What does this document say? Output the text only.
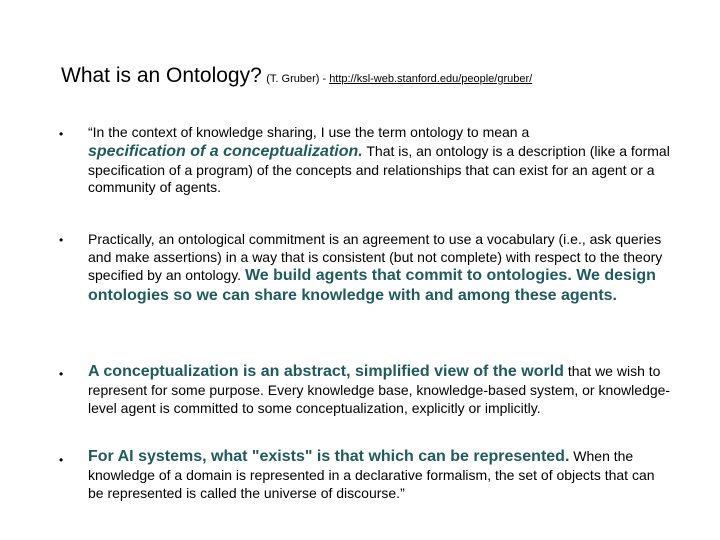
What is an Ontology? (T. Gruber) - http://ksl-web.stanford.edu/people/gruber/
• “In the context of knowledge sharing, I use the term ontology to mean a
specification of a conceptualization. That is, an ontology is a description (like a formal specification of a program) of the concepts and relationships that can exist for an agent or a community of agents.
• Practically, an ontological commitment is an agreement to use a vocabulary (i.e., ask queries and make assertions) in a way that is consistent (but not complete) with respect to the theory specified by an ontology. We build agents that commit to ontologies. We design ontologies so we can share knowledge with and among these agents.
• A conceptualization is an abstract, simplified view of the world that we wish to represent for some purpose. Every knowledge base, knowledge-based system, or knowledge-level agent is committed to some conceptualization, explicitly or implicitly.
• For AI systems, what "exists" is that which can be represented. When the knowledge of a domain is represented in a declarative formalism, the set of objects that can be represented is called the universe of discourse.”
